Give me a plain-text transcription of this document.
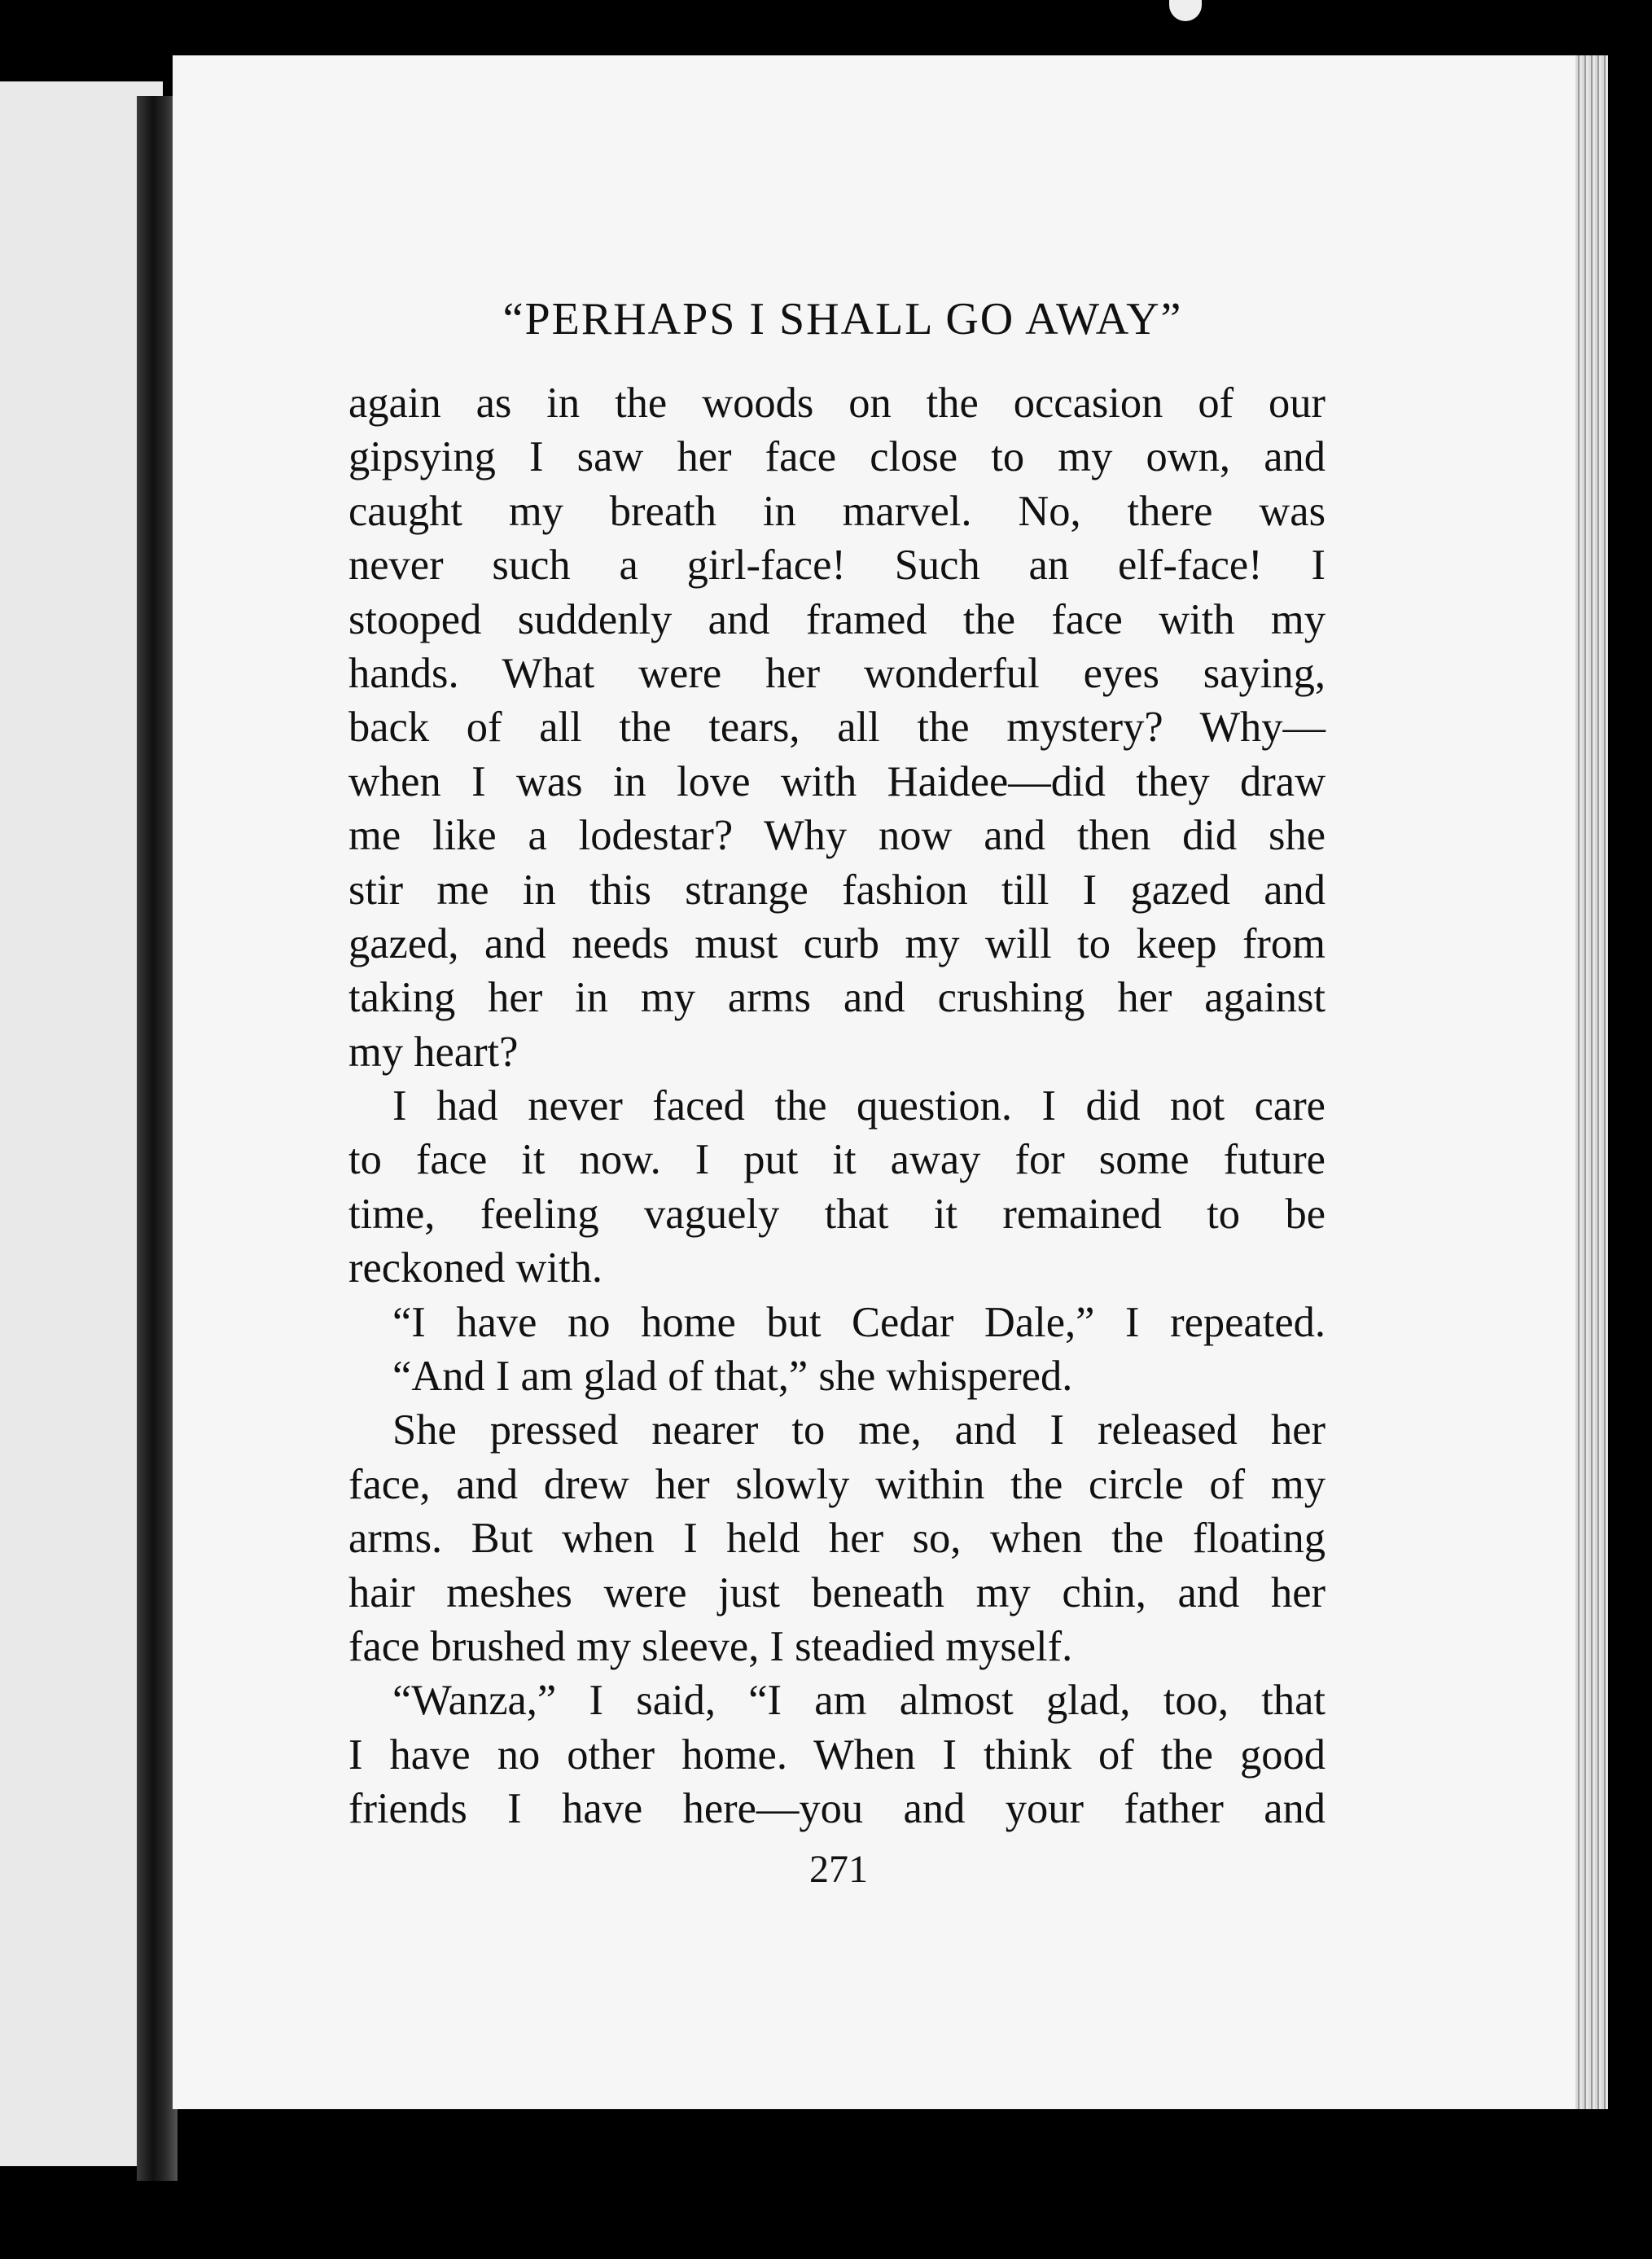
“PERHAPS I SHALL GO AWAY”
again as in the woods on the occasion of our
gipsying I saw her face close to my own, and
caught my breath in marvel. No, there was
never such a girl-face! Such an elf-face! I
stooped suddenly and framed the face with my
hands. What were her wonderful eyes saying,
back of all the tears, all the mystery? Why—
when I was in love with Haidee—did they draw
me like a lodestar? Why now and then did she
stir me in this strange fashion till I gazed and
gazed, and needs must curb my will to keep from
taking her in my arms and crushing her against
my heart?
I had never faced the question. I did not care
to face it now. I put it away for some future
time, feeling vaguely that it remained to be
reckoned with.
“I have no home but Cedar Dale,” I repeated.
“And I am glad of that,” she whispered.
She pressed nearer to me, and I released her
face, and drew her slowly within the circle of my
arms. But when I held her so, when the floating
hair meshes were just beneath my chin, and her
face brushed my sleeve, I steadied myself.
“Wanza,” I said, “I am almost glad, too, that
I have no other home. When I think of the good
friends I have here—you and your father and
271
